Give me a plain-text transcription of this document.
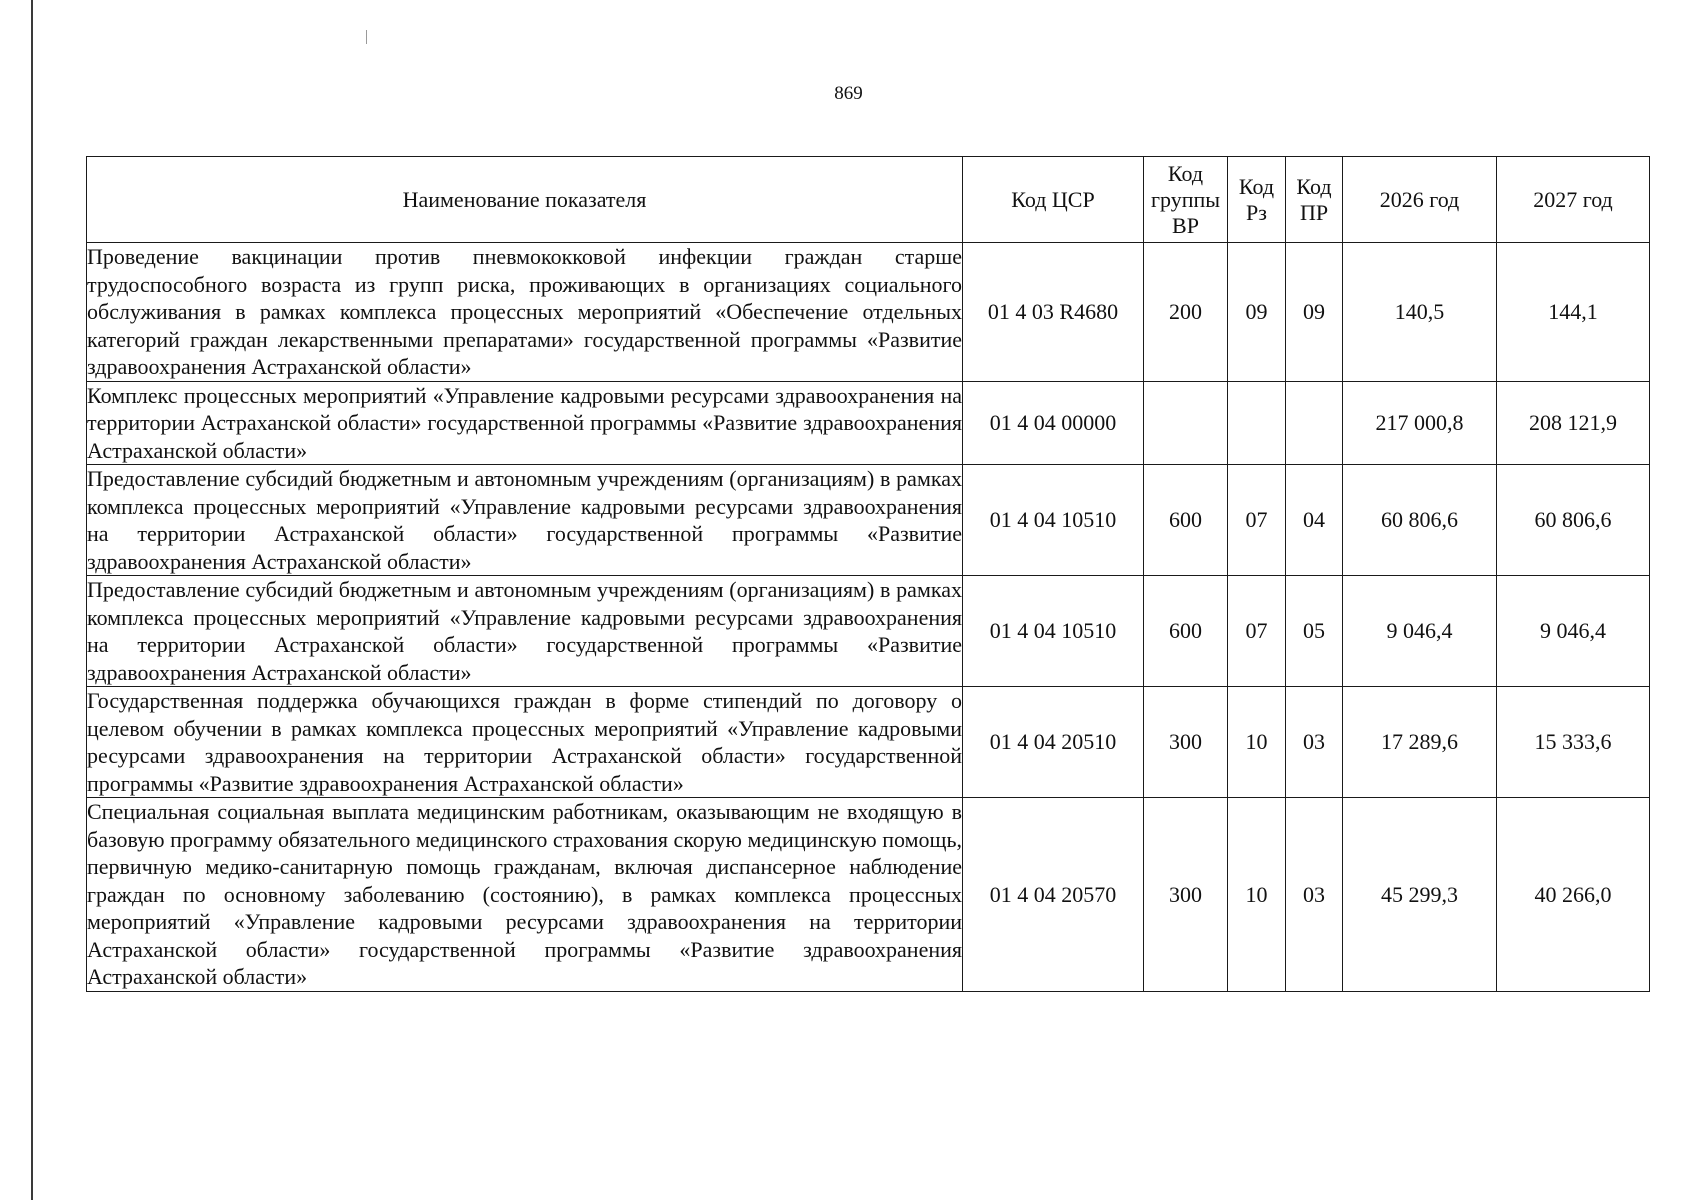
869
Наименование показателя	Код ЦСР	Код группы ВР	Код Рз	Код ПР	2026 год	2027 год
Проведение вакцинации против пневмококковой инфекции граждан старше трудоспособного возраста из групп риска, проживающих в организациях социального обслуживания в рамках комплекса процессных мероприятий «Обеспечение отдельных категорий граждан лекарственными препаратами» государственной программы «Развитие здравоохранения Астраханской области»	01 4 03 R4680	200	09	09	140,5	144,1
Комплекс процессных мероприятий «Управление кадровыми ресурсами здравоохранения на территории Астраханской области» государственной программы «Развитие здравоохранения Астраханской области»	01 4 04 00000				217 000,8	208 121,9
Предоставление субсидий бюджетным и автономным учреждениям (организациям) в рамках комплекса процессных мероприятий «Управление кадровыми ресурсами здравоохранения на территории Астраханской области» государственной программы «Развитие здравоохранения Астраханской области»	01 4 04 10510	600	07	04	60 806,6	60 806,6
Предоставление субсидий бюджетным и автономным учреждениям (организациям) в рамках комплекса процессных мероприятий «Управление кадровыми ресурсами здравоохранения на территории Астраханской области» государственной программы «Развитие здравоохранения Астраханской области»	01 4 04 10510	600	07	05	9 046,4	9 046,4
Государственная поддержка обучающихся граждан в форме стипендий по договору о целевом обучении в рамках комплекса процессных мероприятий «Управление кадровыми ресурсами здравоохранения на территории Астраханской области» государственной программы «Развитие здравоохранения Астраханской области»	01 4 04 20510	300	10	03	17 289,6	15 333,6
Специальная социальная выплата медицинским работникам, оказывающим не входящую в базовую программу обязательного медицинского страхования скорую медицинскую помощь, первичную медико-санитарную помощь гражданам, включая диспансерное наблюдение граждан по основному заболеванию (состоянию), в рамках комплекса процессных мероприятий «Управление кадровыми ресурсами здравоохранения на территории Астраханской области» государственной программы «Развитие здравоохранения Астраханской области»	01 4 04 20570	300	10	03	45 299,3	40 266,0
